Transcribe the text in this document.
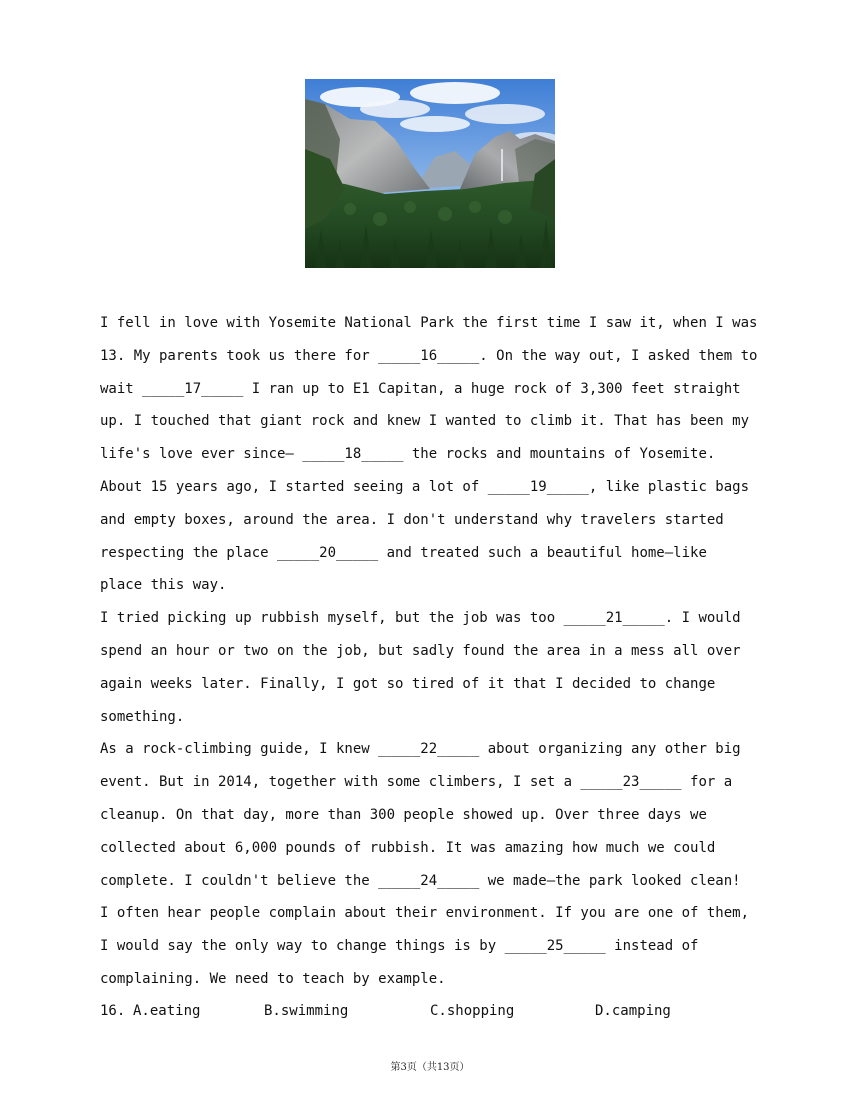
I fell in love with Yosemite National Park the first time I saw it, when I was
13. My parents took us there for _____16_____. On the way out, I asked them to
wait _____17_____ I ran up to E1 Capitan, a huge rock of 3,300 feet straight
up. I touched that giant rock and knew I wanted to climb it. That has been my
life's love ever since— _____18_____ the rocks and mountains of Yosemite.
About 15 years ago, I started seeing a lot of _____19_____, like plastic bags
and empty boxes, around the area. I don't understand why travelers started
respecting the place _____20_____ and treated such a beautiful home—like
place this way.
I tried picking up rubbish myself, but the job was too _____21_____. I would
spend an hour or two on the job, but sadly found the area in a mess all over
again weeks later. Finally, I got so tired of it that I decided to change
something.
As a rock-climbing guide, I knew _____22_____ about organizing any other big
event. But in 2014, together with some climbers, I set a _____23_____ for a
cleanup. On that day, more than 300 people showed up. Over three days we
collected about 6,000 pounds of rubbish. It was amazing how much we could
complete. I couldn't believe the _____24_____ we made—the park looked clean!
I often hear people complain about their environment. If you are one of them,
I would say the only way to change things is by _____25_____ instead of
complaining. We need to teach by example.
16. A.eating	B.swimming	C.shopping	D.camping
第3页（共13页）
